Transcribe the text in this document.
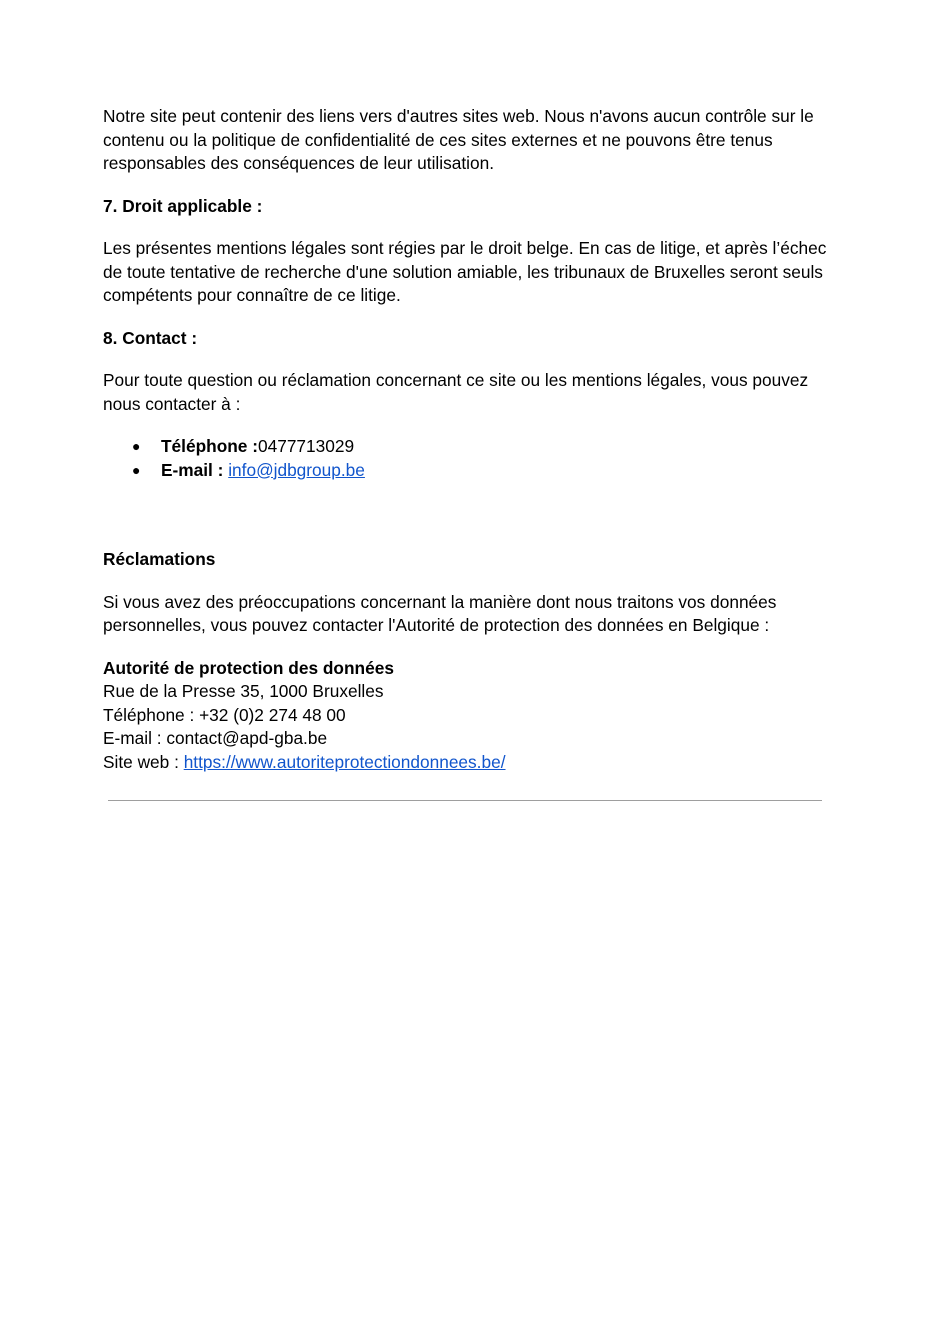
Notre site peut contenir des liens vers d'autres sites web. Nous n'avons aucun contrôle sur le contenu ou la politique de confidentialité de ces sites externes et ne pouvons être tenus responsables des conséquences de leur utilisation.

7. Droit applicable :

Les présentes mentions légales sont régies par le droit belge. En cas de litige, et après l’échec de toute tentative de recherche d'une solution amiable, les tribunaux de Bruxelles seront seuls compétents pour connaître de ce litige.

8. Contact :

Pour toute question ou réclamation concernant ce site ou les mentions légales, vous pouvez nous contacter à :

● Téléphone :0477713029
● E-mail : info@jdbgroup.be

Réclamations

Si vous avez des préoccupations concernant la manière dont nous traitons vos données personnelles, vous pouvez contacter l'Autorité de protection des données en Belgique :

Autorité de protection des données
Rue de la Presse 35, 1000 Bruxelles
Téléphone : +32 (0)2 274 48 00
E-mail : contact@apd-gba.be
Site web : https://www.autoriteprotectiondonnees.be/
